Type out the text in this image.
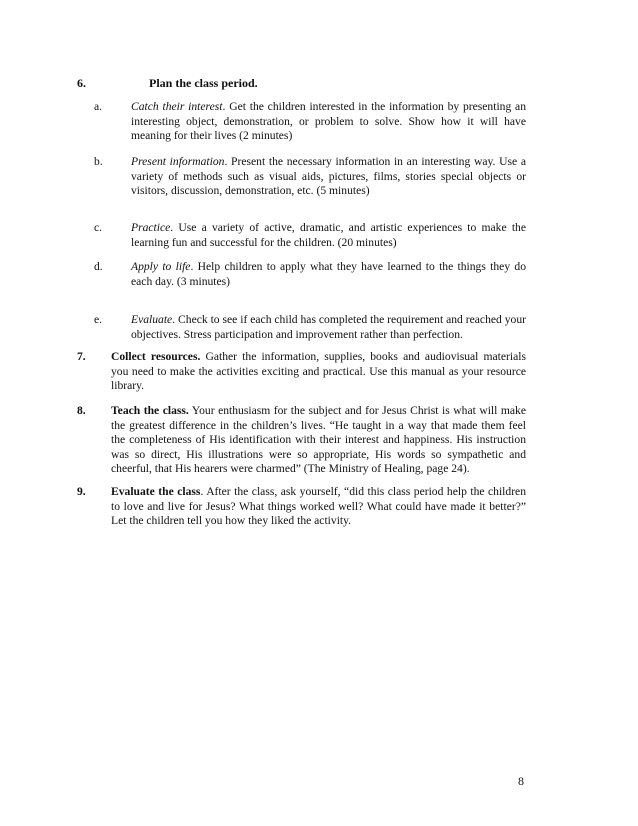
6.	Plan the class period.
a. Catch their interest. Get the children interested in the information by presenting an interesting object, demonstration, or problem to solve. Show how it will have meaning for their lives (2 minutes)
b. Present information. Present the necessary information in an interesting way. Use a variety of methods such as visual aids, pictures, films, stories special objects or visitors, discussion, demonstration, etc. (5 minutes)
c. Practice. Use a variety of active, dramatic, and artistic experiences to make the learning fun and successful for the children. (20 minutes)
d. Apply to life. Help children to apply what they have learned to the things they do each day. (3 minutes)
e. Evaluate. Check to see if each child has completed the requirement and reached your objectives. Stress participation and improvement rather than perfection.
7. Collect resources. Gather the information, supplies, books and audiovisual materials you need to make the activities exciting and practical. Use this manual as your resource library.
8. Teach the class. Your enthusiasm for the subject and for Jesus Christ is what will make the greatest difference in the children’s lives. “He taught in a way that made them feel the completeness of His identification with their interest and happiness. His instruction was so direct, His illustrations were so appropriate, His words so sympathetic and cheerful, that His hearers were charmed” (The Ministry of Healing, page 24).
9. Evaluate the class. After the class, ask yourself, “did this class period help the children to love and live for Jesus? What things worked well? What could have made it better?” Let the children tell you how they liked the activity.
8
